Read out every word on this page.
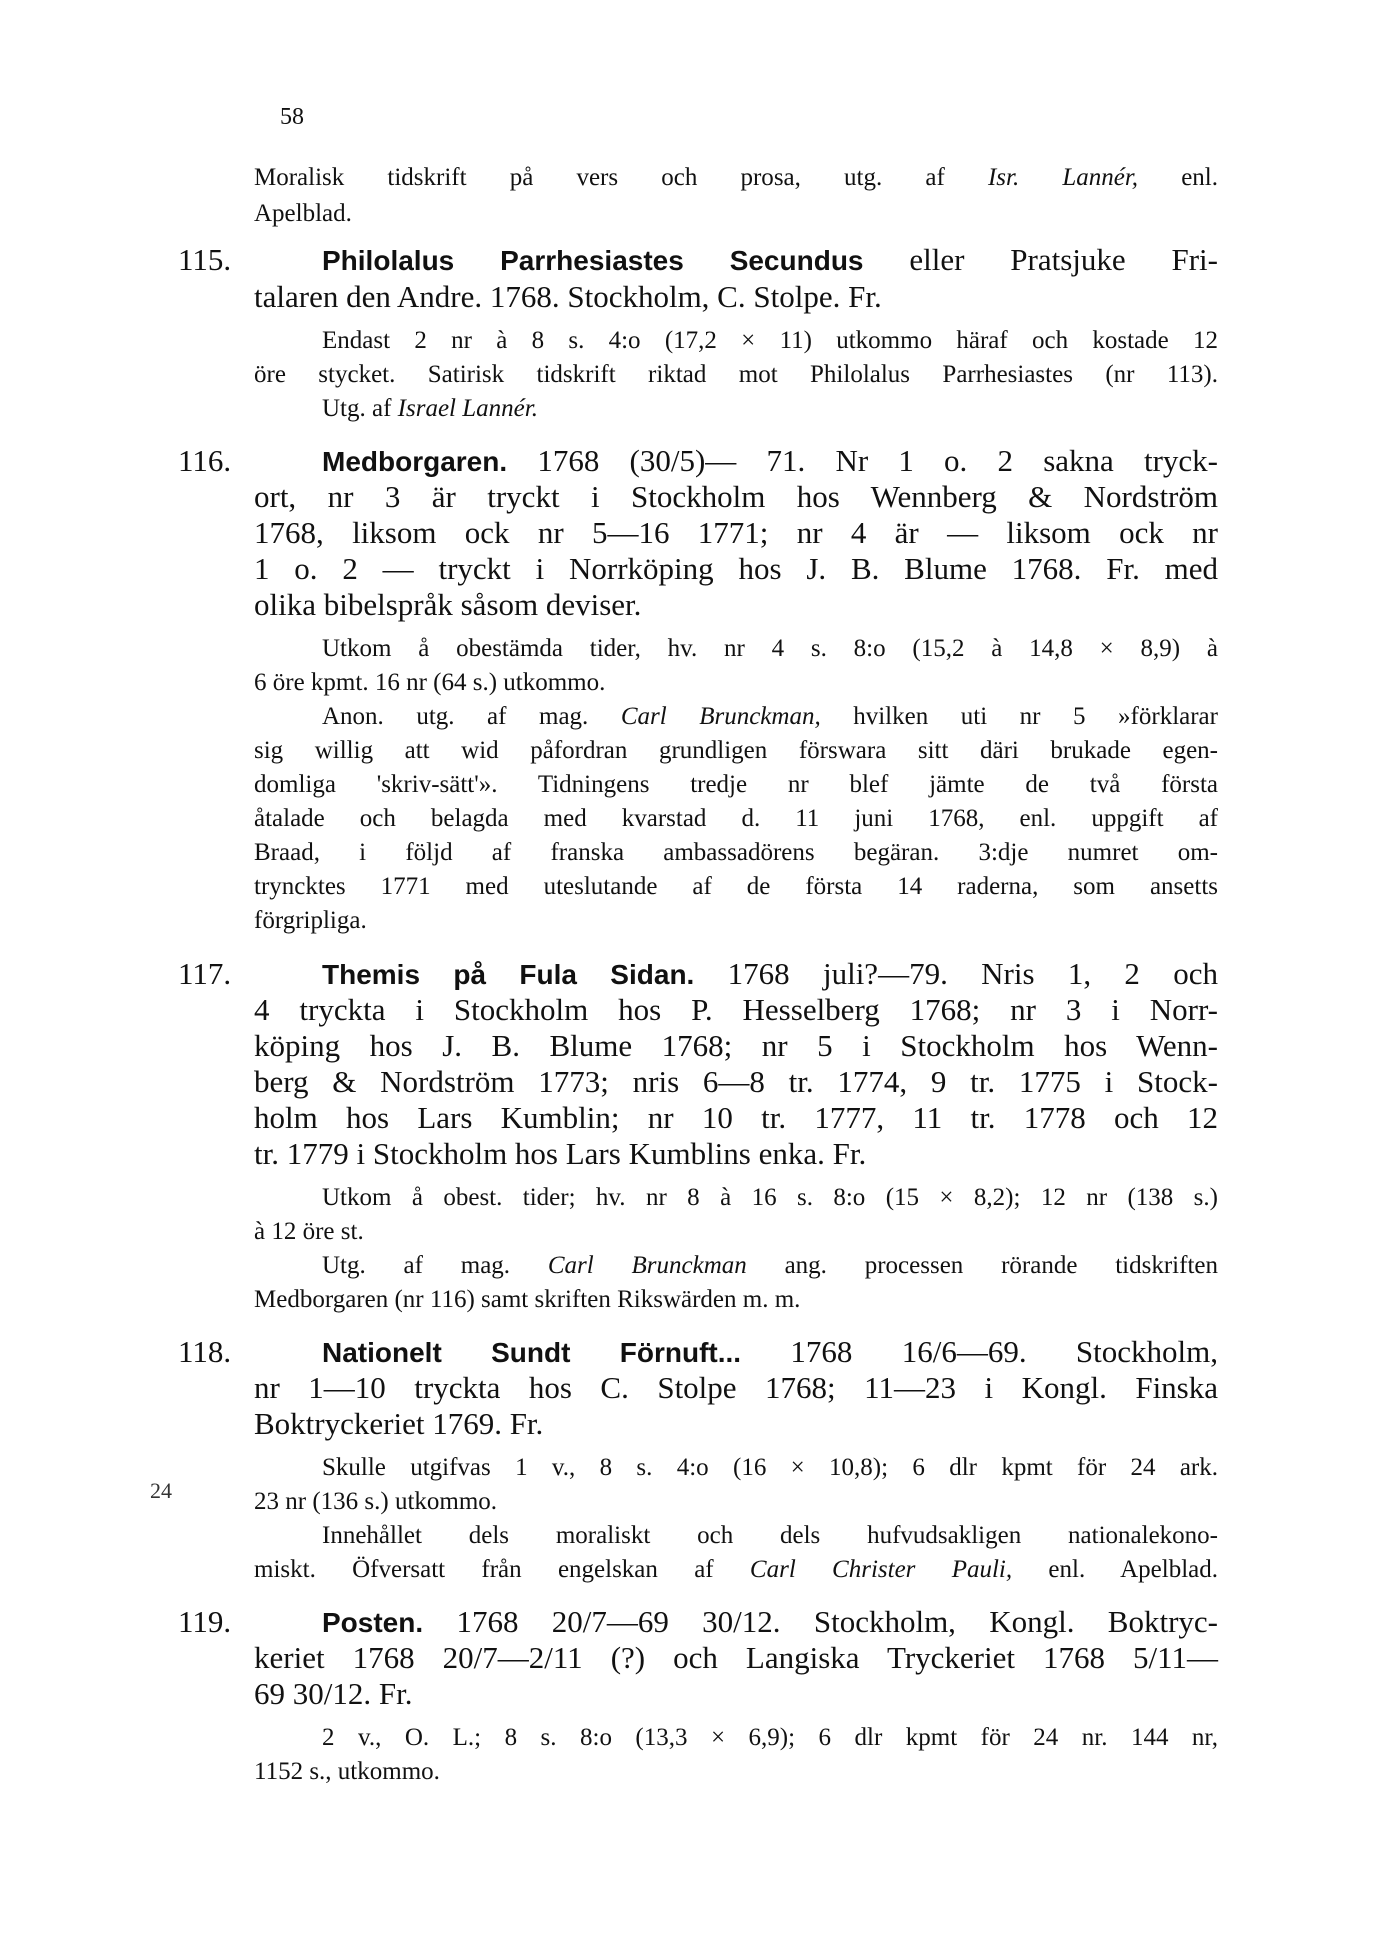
58
24
Moralisk tidskrift på vers och prosa, utg. af Isr. Lannér, enl.
Apelblad.
115.	Philolalus Parrhesiastes Secundus eller Pratsjuke Fri-
talaren den Andre. 1768. Stockholm, C. Stolpe. Fr.
Endast 2 nr à 8 s. 4:o (17,2 × 11) utkommo häraf och kostade 12
öre stycket. Satirisk tidskrift riktad mot Philolalus Parrhesiastes (nr 113).
Utg. af Israel Lannér.
116.	Medborgaren. 1768 (30/5)— 71. Nr 1 o. 2 sakna tryck-
ort, nr 3 är tryckt i Stockholm hos Wennberg & Nordström
1768, liksom ock nr 5—16 1771; nr 4 är — liksom ock nr
1 o. 2 — tryckt i Norrköping hos J. B. Blume 1768. Fr. med
olika bibelspråk såsom deviser.
Utkom å obestämda tider, hv. nr 4 s. 8:o (15,2 à 14,8 × 8,9) à
6 öre kpmt. 16 nr (64 s.) utkommo.
Anon. utg. af mag. Carl Brunckman, hvilken uti nr 5 »förklarar
sig willig att wid påfordran grundligen förswara sitt däri brukade egen-
domliga 'skriv-sätt'». Tidningens tredje nr blef jämte de två första
åtalade och belagda med kvarstad d. 11 juni 1768, enl. uppgift af
Braad, i följd af franska ambassadörens begäran. 3:dje numret om-
tryncktes 1771 med uteslutande af de första 14 raderna, som ansetts
förgripliga.
117.	Themis på Fula Sidan. 1768 juli?—79. Nris 1, 2 och
4 tryckta i Stockholm hos P. Hesselberg 1768; nr 3 i Norr-
köping hos J. B. Blume 1768; nr 5 i Stockholm hos Wenn-
berg & Nordström 1773; nris 6—8 tr. 1774, 9 tr. 1775 i Stock-
holm hos Lars Kumblin; nr 10 tr. 1777, 11 tr. 1778 och 12
tr. 1779 i Stockholm hos Lars Kumblins enka. Fr.
Utkom å obest. tider; hv. nr 8 à 16 s. 8:o (15 × 8,2); 12 nr (138 s.)
à 12 öre st.
Utg. af mag. Carl Brunckman ang. processen rörande tidskriften
Medborgaren (nr 116) samt skriften Rikswärden m. m.
118.	Nationelt Sundt Förnuft... 1768 16/6—69. Stockholm,
nr 1—10 tryckta hos C. Stolpe 1768; 11—23 i Kongl. Finska
Boktryckeriet 1769. Fr.
Skulle utgifvas 1 v., 8 s. 4:o (16 × 10,8); 6 dlr kpmt för 24 ark.
23 nr (136 s.) utkommo.
Innehållet dels moraliskt och dels hufvudsakligen nationalekono-
miskt. Öfversatt från engelskan af Carl Christer Pauli, enl. Apelblad.
119.	Posten. 1768 20/7—69 30/12. Stockholm, Kongl. Boktryc-
keriet 1768 20/7—2/11 (?) och Langiska Tryckeriet 1768 5/11—
69 30/12. Fr.
2 v., O. L.; 8 s. 8:o (13,3 × 6,9); 6 dlr kpmt för 24 nr. 144 nr,
1152 s., utkommo.
